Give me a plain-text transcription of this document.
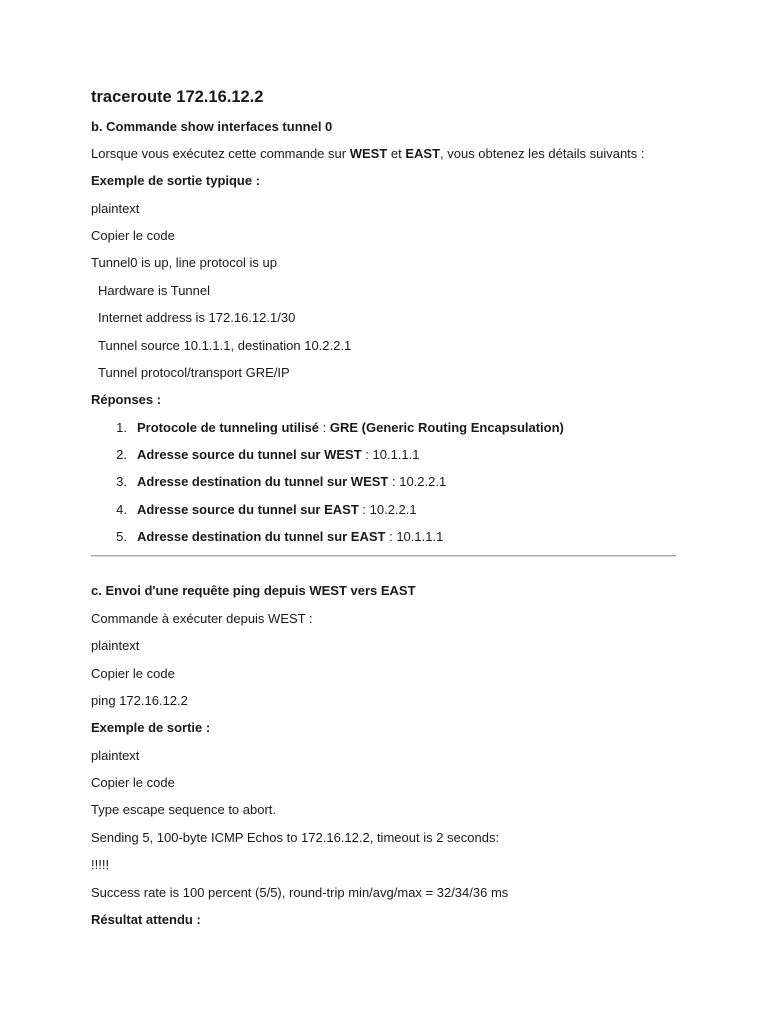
traceroute 172.16.12.2
b. Commande show interfaces tunnel 0
Lorsque vous exécutez cette commande sur WEST et EAST, vous obtenez les détails suivants :
Exemple de sortie typique :
plaintext
Copier le code
Tunnel0 is up, line protocol is up
Hardware is Tunnel
Internet address is 172.16.12.1/30
Tunnel source 10.1.1.1, destination 10.2.2.1
Tunnel protocol/transport GRE/IP
Réponses :
1. Protocole de tunneling utilisé : GRE (Generic Routing Encapsulation)
2. Adresse source du tunnel sur WEST : 10.1.1.1
3. Adresse destination du tunnel sur WEST : 10.2.2.1
4. Adresse source du tunnel sur EAST : 10.2.2.1
5. Adresse destination du tunnel sur EAST : 10.1.1.1
c. Envoi d'une requête ping depuis WEST vers EAST
Commande à exécuter depuis WEST :
plaintext
Copier le code
ping 172.16.12.2
Exemple de sortie :
plaintext
Copier le code
Type escape sequence to abort.
Sending 5, 100-byte ICMP Echos to 172.16.12.2, timeout is 2 seconds:
!!!!!
Success rate is 100 percent (5/5), round-trip min/avg/max = 32/34/36 ms
Résultat attendu :
